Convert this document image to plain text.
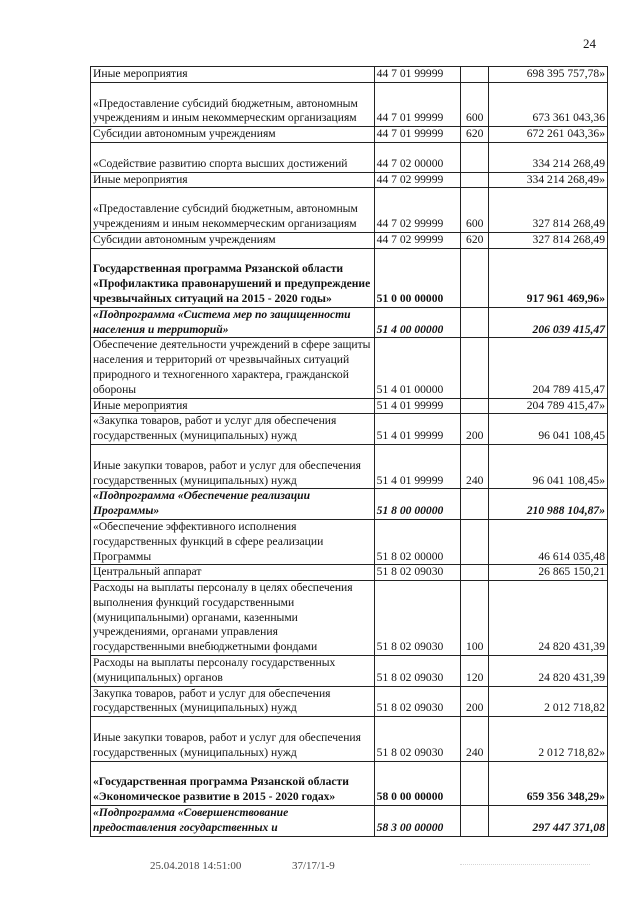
24
Иные мероприятия	44 7 01 99999		698 395 757,78»
«Предоставление субсидий бюджетным, автономным учреждениям и иным некоммерческим организациям	44 7 01 99999	600	673 361 043,36
Субсидии автономным учреждениям	44 7 01 99999	620	672 261 043,36»
«Содействие развитию спорта высших достижений	44 7 02 00000		334 214 268,49
Иные мероприятия	44 7 02 99999		334 214 268,49»
«Предоставление субсидий бюджетным, автономным учреждениям и иным некоммерческим организациям	44 7 02 99999	600	327 814 268,49
Субсидии автономным учреждениям	44 7 02 99999	620	327 814 268,49
Государственная программа Рязанской области «Профилактика правонарушений и предупреждение чрезвычайных ситуаций на 2015 - 2020 годы»	51 0 00 00000		917 961 469,96»
«Подпрограмма «Система мер по защищенности населения и территорий»	51 4 00 00000		206 039 415,47
Обеспечение деятельности учреждений в сфере защиты населения и территорий от чрезвычайных ситуаций природного и техногенного характера, гражданской обороны	51 4 01 00000		204 789 415,47
Иные мероприятия	51 4 01 99999		204 789 415,47»
«Закупка товаров, работ и услуг для обеспечения государственных (муниципальных) нужд	51 4 01 99999	200	96 041 108,45
Иные закупки товаров, работ и услуг для обеспечения государственных (муниципальных) нужд	51 4 01 99999	240	96 041 108,45»
«Подпрограмма «Обеспечение реализации Программы»	51 8 00 00000		210 988 104,87»
«Обеспечение эффективного исполнения государственных функций в сфере реализации Программы	51 8 02 00000		46 614 035,48
Центральный аппарат	51 8 02 09030		26 865 150,21
Расходы на выплаты персоналу в целях обеспечения выполнения функций государственными (муниципальными) органами, казенными учреждениями, органами управления государственными внебюджетными фондами	51 8 02 09030	100	24 820 431,39
Расходы на выплаты персоналу государственных (муниципальных) органов	51 8 02 09030	120	24 820 431,39
Закупка товаров, работ и услуг для обеспечения государственных (муниципальных) нужд	51 8 02 09030	200	2 012 718,82
Иные закупки товаров, работ и услуг для обеспечения государственных (муниципальных) нужд	51 8 02 09030	240	2 012 718,82»
«Государственная программа Рязанской области «Экономическое развитие в 2015 - 2020 годах»	58 0 00 00000		659 356 348,29»
«Подпрограмма «Совершенствование предоставления государственных и	58 3 00 00000		297 447 371,08
25.04.2018 14:51:00	37/17/1-9
